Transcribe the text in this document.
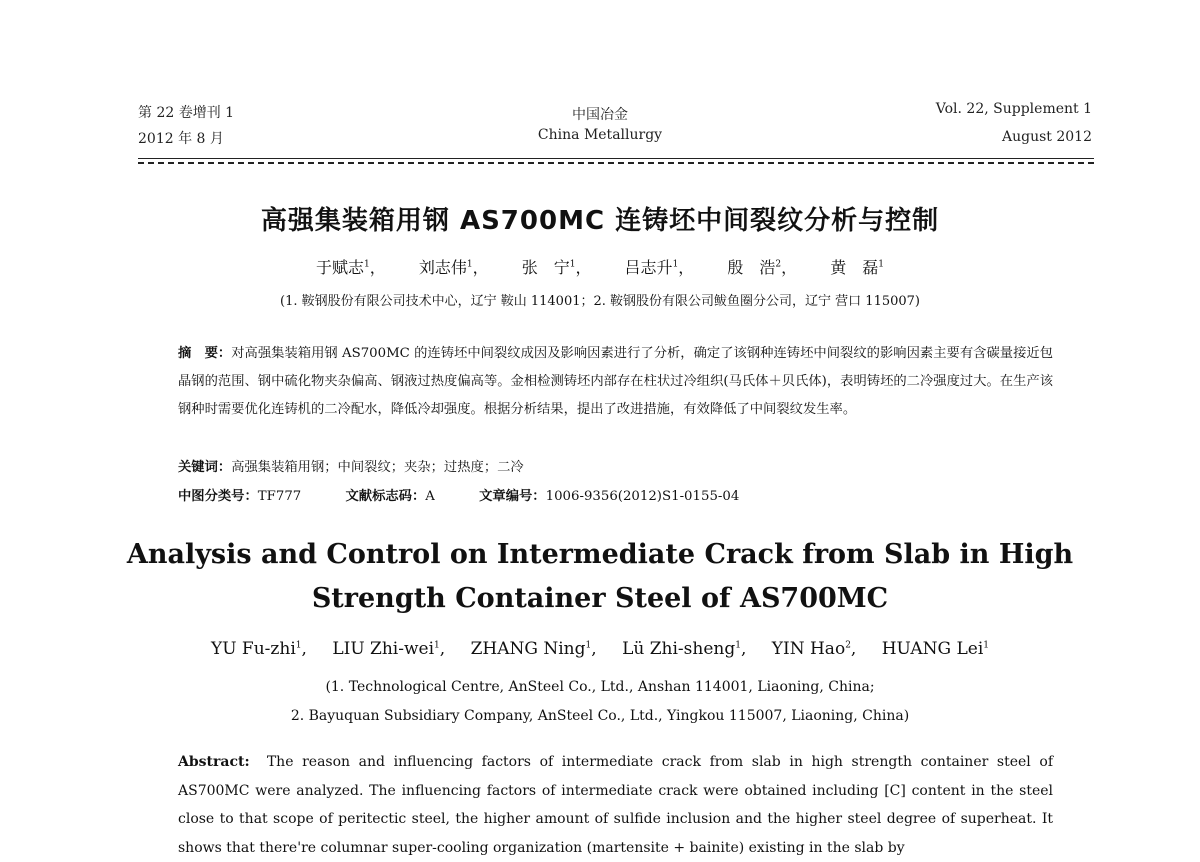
第 22 卷增刊 1
2012 年 8 月
中国冶金
China Metallurgy
Vol. 22, Supplement 1
August 2012
高强集装箱用钢 AS700MC 连铸坯中间裂纹分析与控制
于赋志$^1$， 刘志伟$^1$， 张　宁$^1$， 吕志升$^1$， 殷　浩$^2$， 黄　磊$^1$
(1. 鞍钢股份有限公司技术中心，辽宁 鞍山 114001；2. 鞍钢股份有限公司鲅鱼圈分公司，辽宁 营口 115007)
摘　要：对高强集装箱用钢 AS700MC 的连铸坯中间裂纹成因及影响因素进行了分析，确定了该钢种连铸坯中间裂纹的影响因素主要有含碳量接近包晶钢的范围、钢中硫化物夹杂偏高、钢液过热度偏高等。金相检测铸坯内部存在柱状过冷组织(马氏体＋贝氏体)，表明铸坯的二冷强度过大。在生产该钢种时需要优化连铸机的二冷配水，降低冷却强度。根据分析结果，提出了改进措施，有效降低了中间裂纹发生率。
关键词：高强集装箱用钢；中间裂纹；夹杂；过热度；二冷
中图分类号：TF777	文献标志码：A	文章编号：1006-9356(2012)S1-0155-04
Analysis and Control on Intermediate Crack from Slab in High
Strength Container Steel of AS700MC
YU Fu-zhi$^1$, LIU Zhi-wei$^1$, ZHANG Ning$^1$, Lü Zhi-sheng$^1$, YIN Hao$^2$, HUANG Lei$^1$
(1. Technological Centre, AnSteel Co., Ltd., Anshan 114001, Liaoning, China;
2. Bayuquan Subsidiary Company, AnSteel Co., Ltd., Yingkou 115007, Liaoning, China)
Abstract: The reason and influencing factors of intermediate crack from slab in high strength container steel of AS700MC were analyzed. The influencing factors of intermediate crack were obtained including [C] content in the steel close to that scope of peritectic steel, the higher amount of sulfide inclusion and the higher steel degree of superheat. It shows that there're columnar super-cooling organization (martensite + bainite) existing in the slab by
